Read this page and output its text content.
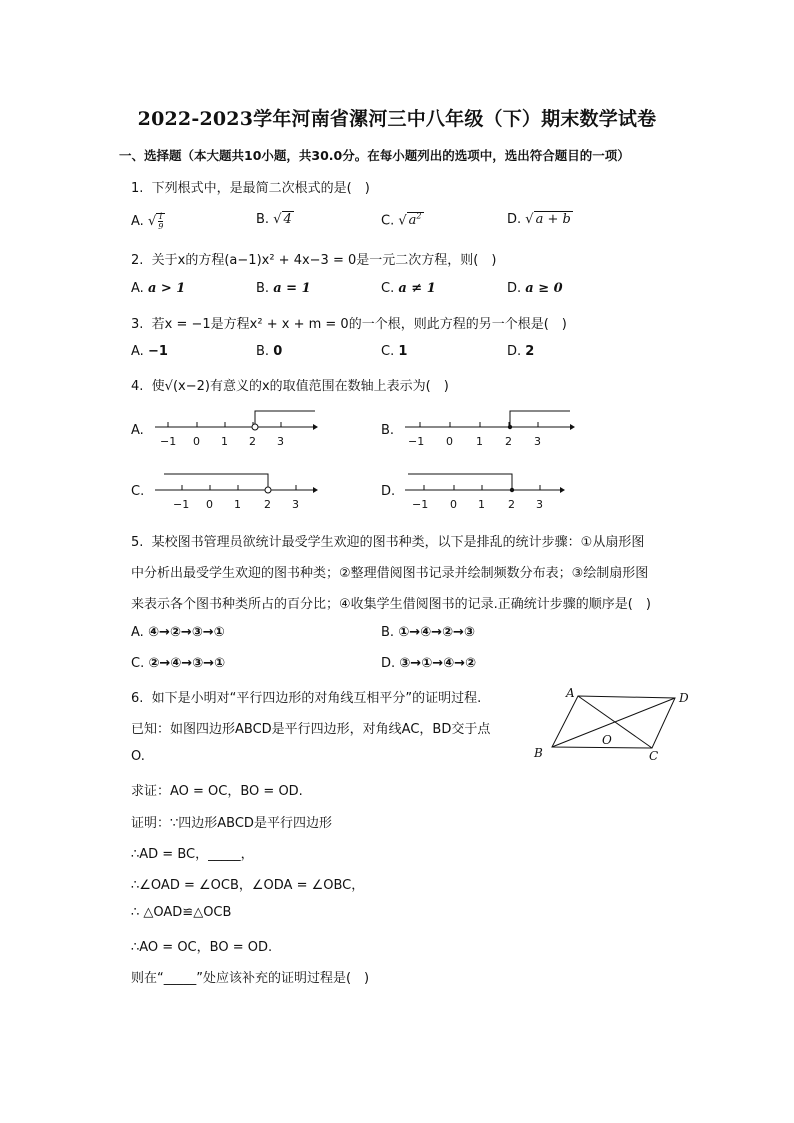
2022-2023学年河南省漯河三中八年级（下）期末数学试卷
一、选择题（本大题共10小题，共30.0分。在每小题列出的选项中，选出符合题目的一项）
1. 下列根式中，是最简二次根式的是(　)
A. √ $\frac{1}{9}$	B. √ 4	C. √ $a^2$	D. √ a + b
2. 关于x的方程(a−1)x² + 4x−3 = 0是一元二次方程，则(　)
A. a > 1	B. a = 1	C. a ≠ 1	D. a ≥ 0
3. 若x = −1是方程x² + x + m = 0的一个根，则此方程的另一个根是(　)
A. −1	B. 0	C. 1	D. 2
4. 使√(x−2)有意义的x的取值范围在数轴上表示为(　)
A.
−1 0 1 2 3
B.
−1 0 1 2 3
C.
−1 0 1 2 3
D.
−1 0 1 2 3
5. 某校图书管理员欲统计最受学生欢迎的图书种类，以下是排乱的统计步骤：①从扇形图
中分析出最受学生欢迎的图书种类；②整理借阅图书记录并绘制频数分布表；③绘制扇形图
来表示各个图书种类所占的百分比；④收集学生借阅图书的记录.正确统计步骤的顺序是(　)
A. ④→②→③→①	B. ①→④→②→③
C. ②→④→③→①	D. ③→①→④→②
6. 如下是小明对“平行四边形的对角线互相平分”的证明过程.
已知：如图四边形ABCD是平行四边形，对角线AC，BD交于点
O.
求证：AO = OC，BO = OD.
证明：∵四边形ABCD是平行四边形
∴AD = BC，_____，
∴∠OAD = ∠OCB，∠ODA = ∠OBC，
∴ △OAD≌△OCB
∴AO = OC，BO = OD.
则在“_____”处应该补充的证明过程是(　)
A	D
B	C
O
